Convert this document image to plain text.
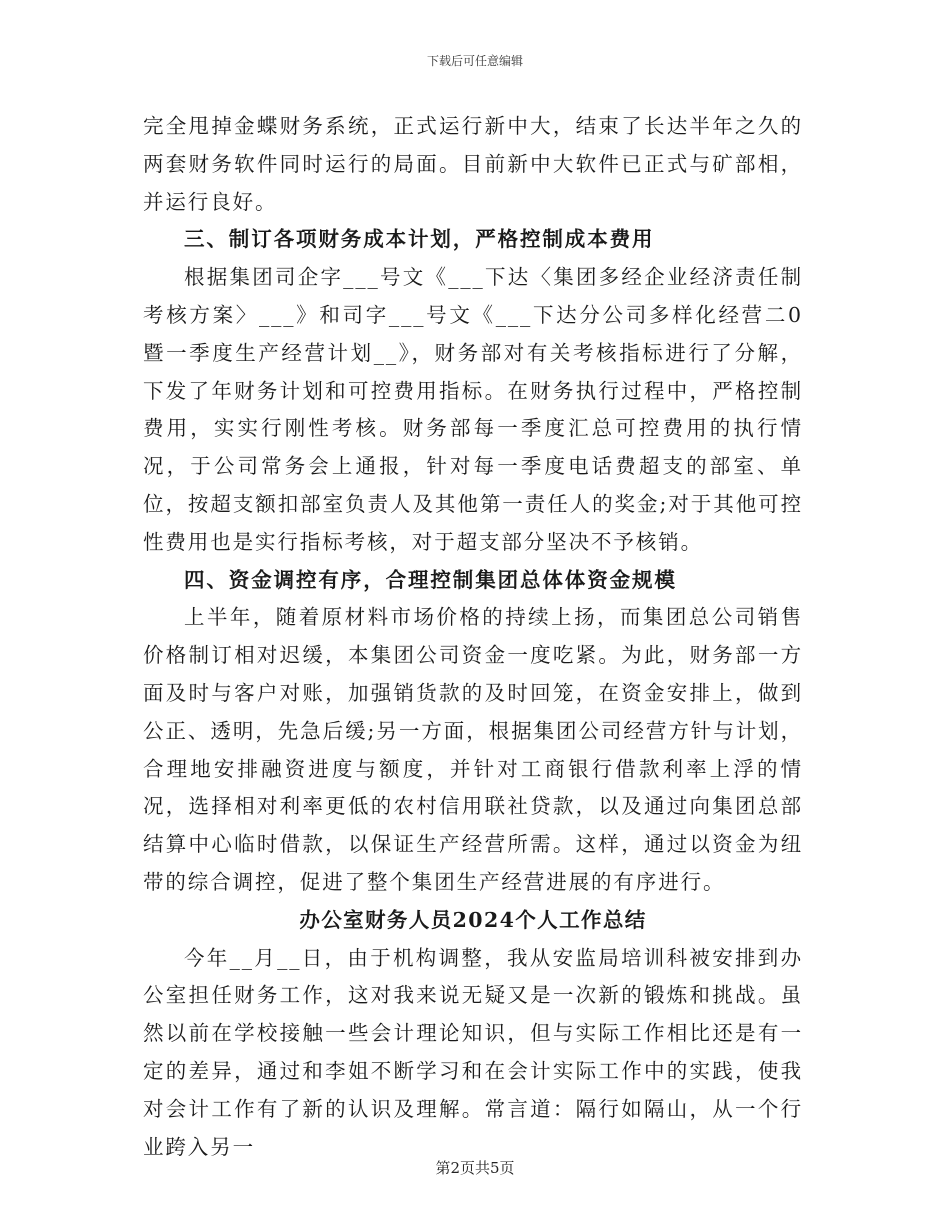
下载后可任意编辑

完全甩掉金蝶财务系统，正式运行新中大，结束了长达半年之久的两套财务软件同时运行的局面。目前新中大软件已正式与矿部相，并运行良好。

三、制订各项财务成本计划，严格控制成本费用

根据集团司企字___号文《___下达〈集团多经企业经济责任制考核方案〉___》和司字___号文《___下达分公司多样化经营二0暨一季度生产经营计划__》，财务部对有关考核指标进行了分解，下发了年财务计划和可控费用指标。在财务执行过程中，严格控制费用，实实行刚性考核。财务部每一季度汇总可控费用的执行情况，于公司常务会上通报，针对每一季度电话费超支的部室、单位，按超支额扣部室负责人及其他第一责任人的奖金;对于其他可控性费用也是实行指标考核，对于超支部分坚决不予核销。

四、资金调控有序，合理控制集团总体体资金规模

上半年，随着原材料市场价格的持续上扬，而集团总公司销售价格制订相对迟缓，本集团公司资金一度吃紧。为此，财务部一方面及时与客户对账，加强销货款的及时回笼，在资金安排上，做到公正、透明，先急后缓;另一方面，根据集团公司经营方针与计划，合理地安排融资进度与额度，并针对工商银行借款利率上浮的情况，选择相对利率更低的农村信用联社贷款，以及通过向集团总部结算中心临时借款，以保证生产经营所需。这样，通过以资金为纽带的综合调控，促进了整个集团生产经营进展的有序进行。

办公室财务人员2024个人工作总结

今年__月__日，由于机构调整，我从安监局培训科被安排到办公室担任财务工作，这对我来说无疑又是一次新的锻炼和挑战。虽然以前在学校接触一些会计理论知识，但与实际工作相比还是有一定的差异，通过和李姐不断学习和在会计实际工作中的实践，使我对会计工作有了新的认识及理解。常言道：隔行如隔山，从一个行业跨入另一

第2页共5页
